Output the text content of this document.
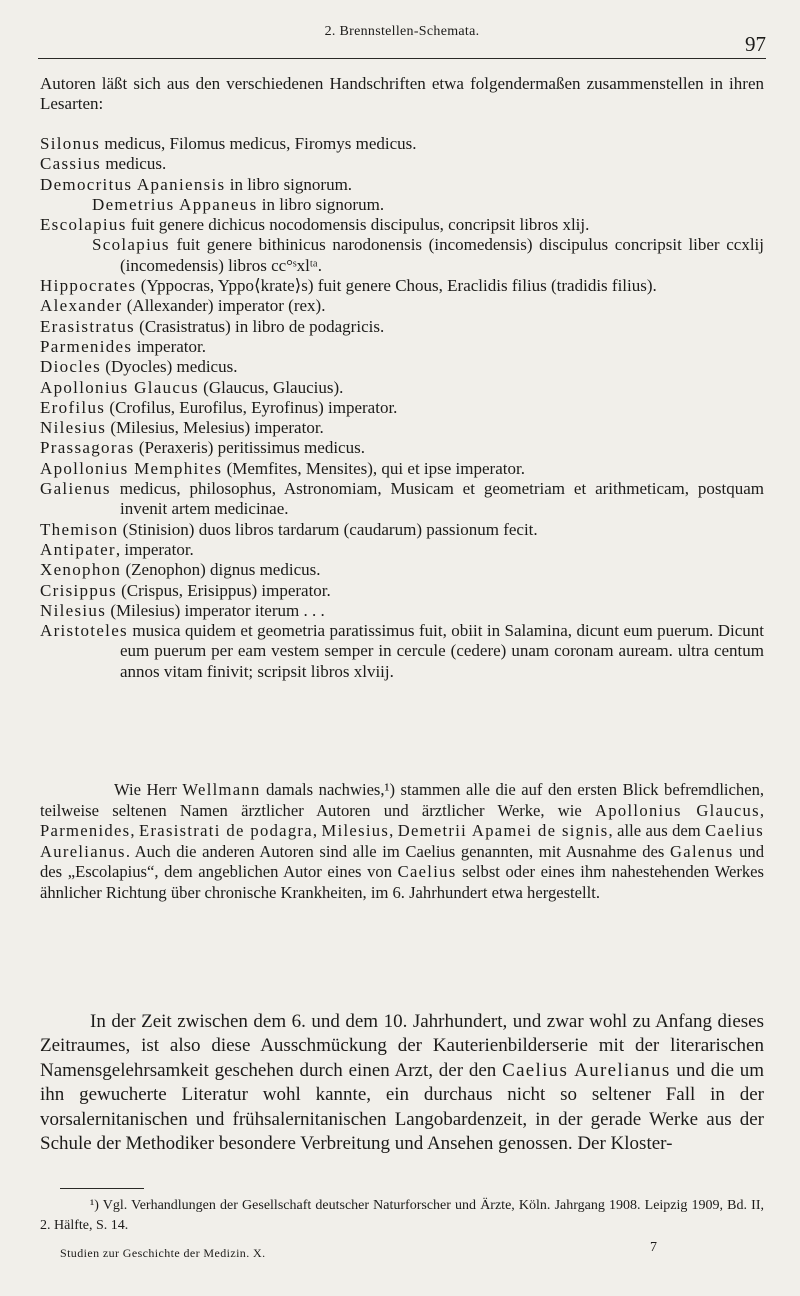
2. Brennstellen-Schemata.
97

Autoren läßt sich aus den verschiedenen Handschriften etwa folgendermaßen zusammenstellen in ihren Lesarten:

Silonus medicus, Filomus medicus, Firomys medicus.
Cassius medicus.
Democritus Apaniensis in libro signorum.
Demetrius Appaneus in libro signorum.
Escolapius fuit genere dichicus nocodomensis discipulus, concripsit libros xlij.
Scolapius fuit genere bithinicus narodonensis (incomedensis) discipulus concripsit liber ccxlij (incomedensis) libros cc°ˢxlᵗᵃ.
Hippocrates (Yppocras, Yppo⟨krate⟩s) fuit genere Chous, Eraclidis filius (tradidis filius).
Alexander (Allexander) imperator (rex).
Erasistratus (Crasistratus) in libro de podagricis.
Parmenides imperator.
Diocles (Dyocles) medicus.
Apollonius Glaucus (Glaucus, Glaucius).
Erofilus (Crofilus, Eurofilus, Eyrofinus) imperator.
Nilesius (Milesius, Melesius) imperator.
Prassagoras (Peraxeris) peritissimus medicus.
Apollonius Memphites (Memfites, Mensites), qui et ipse imperator.
Galienus medicus, philosophus, Astronomiam, Musicam et geometriam et arithmeticam, postquam invenit artem medicinae.
Themison (Stinision) duos libros tardarum (caudarum) passionum fecit.
Antipater, imperator.
Xenophon (Zenophon) dignus medicus.
Crisippus (Crispus, Erisippus) imperator.
Nilesius (Milesius) imperator iterum . . .
Aristoteles musica quidem et geometria paratissimus fuit, obiit in Salamina, dicunt eum puerum. Dicunt eum puerum per eam vestem semper in cercule (cedere) unam coronam auream. ultra centum annos vitam finivit; scripsit libros xlviij.

Wie Herr Wellmann damals nachwies,¹) stammen alle die auf den ersten Blick befremdlichen, teilweise seltenen Namen ärztlicher Autoren und ärztlicher Werke, wie Apollonius Glaucus, Parmenides, Erasistrati de podagra, Milesius, Demetrii Apamei de signis, alle aus dem Caelius Aurelianus. Auch die anderen Autoren sind alle im Caelius genannten, mit Ausnahme des Galenus und des „Escolapius“, dem angeblichen Autor eines von Caelius selbst oder eines ihm nahestehenden Werkes ähnlicher Richtung über chronische Krankheiten, im 6. Jahrhundert etwa hergestellt.

In der Zeit zwischen dem 6. und dem 10. Jahrhundert, und zwar wohl zu Anfang dieses Zeitraumes, ist also diese Ausschmückung der Kauterienbilderserie mit der literarischen Namensgelehrsamkeit geschehen durch einen Arzt, der den Caelius Aurelianus und die um ihn gewucherte Literatur wohl kannte, ein durchaus nicht so seltener Fall in der vorsalernitanischen und frühsalernitanischen Langobardenzeit, in der gerade Werke aus der Schule der Methodiker besondere Verbreitung und Ansehen genossen. Der Kloster-

¹) Vgl. Verhandlungen der Gesellschaft deutscher Naturforscher und Ärzte, Köln. Jahrgang 1908. Leipzig 1909, Bd. II, 2. Hälfte, S. 14.

Studien zur Geschichte der Medizin. X.	7
